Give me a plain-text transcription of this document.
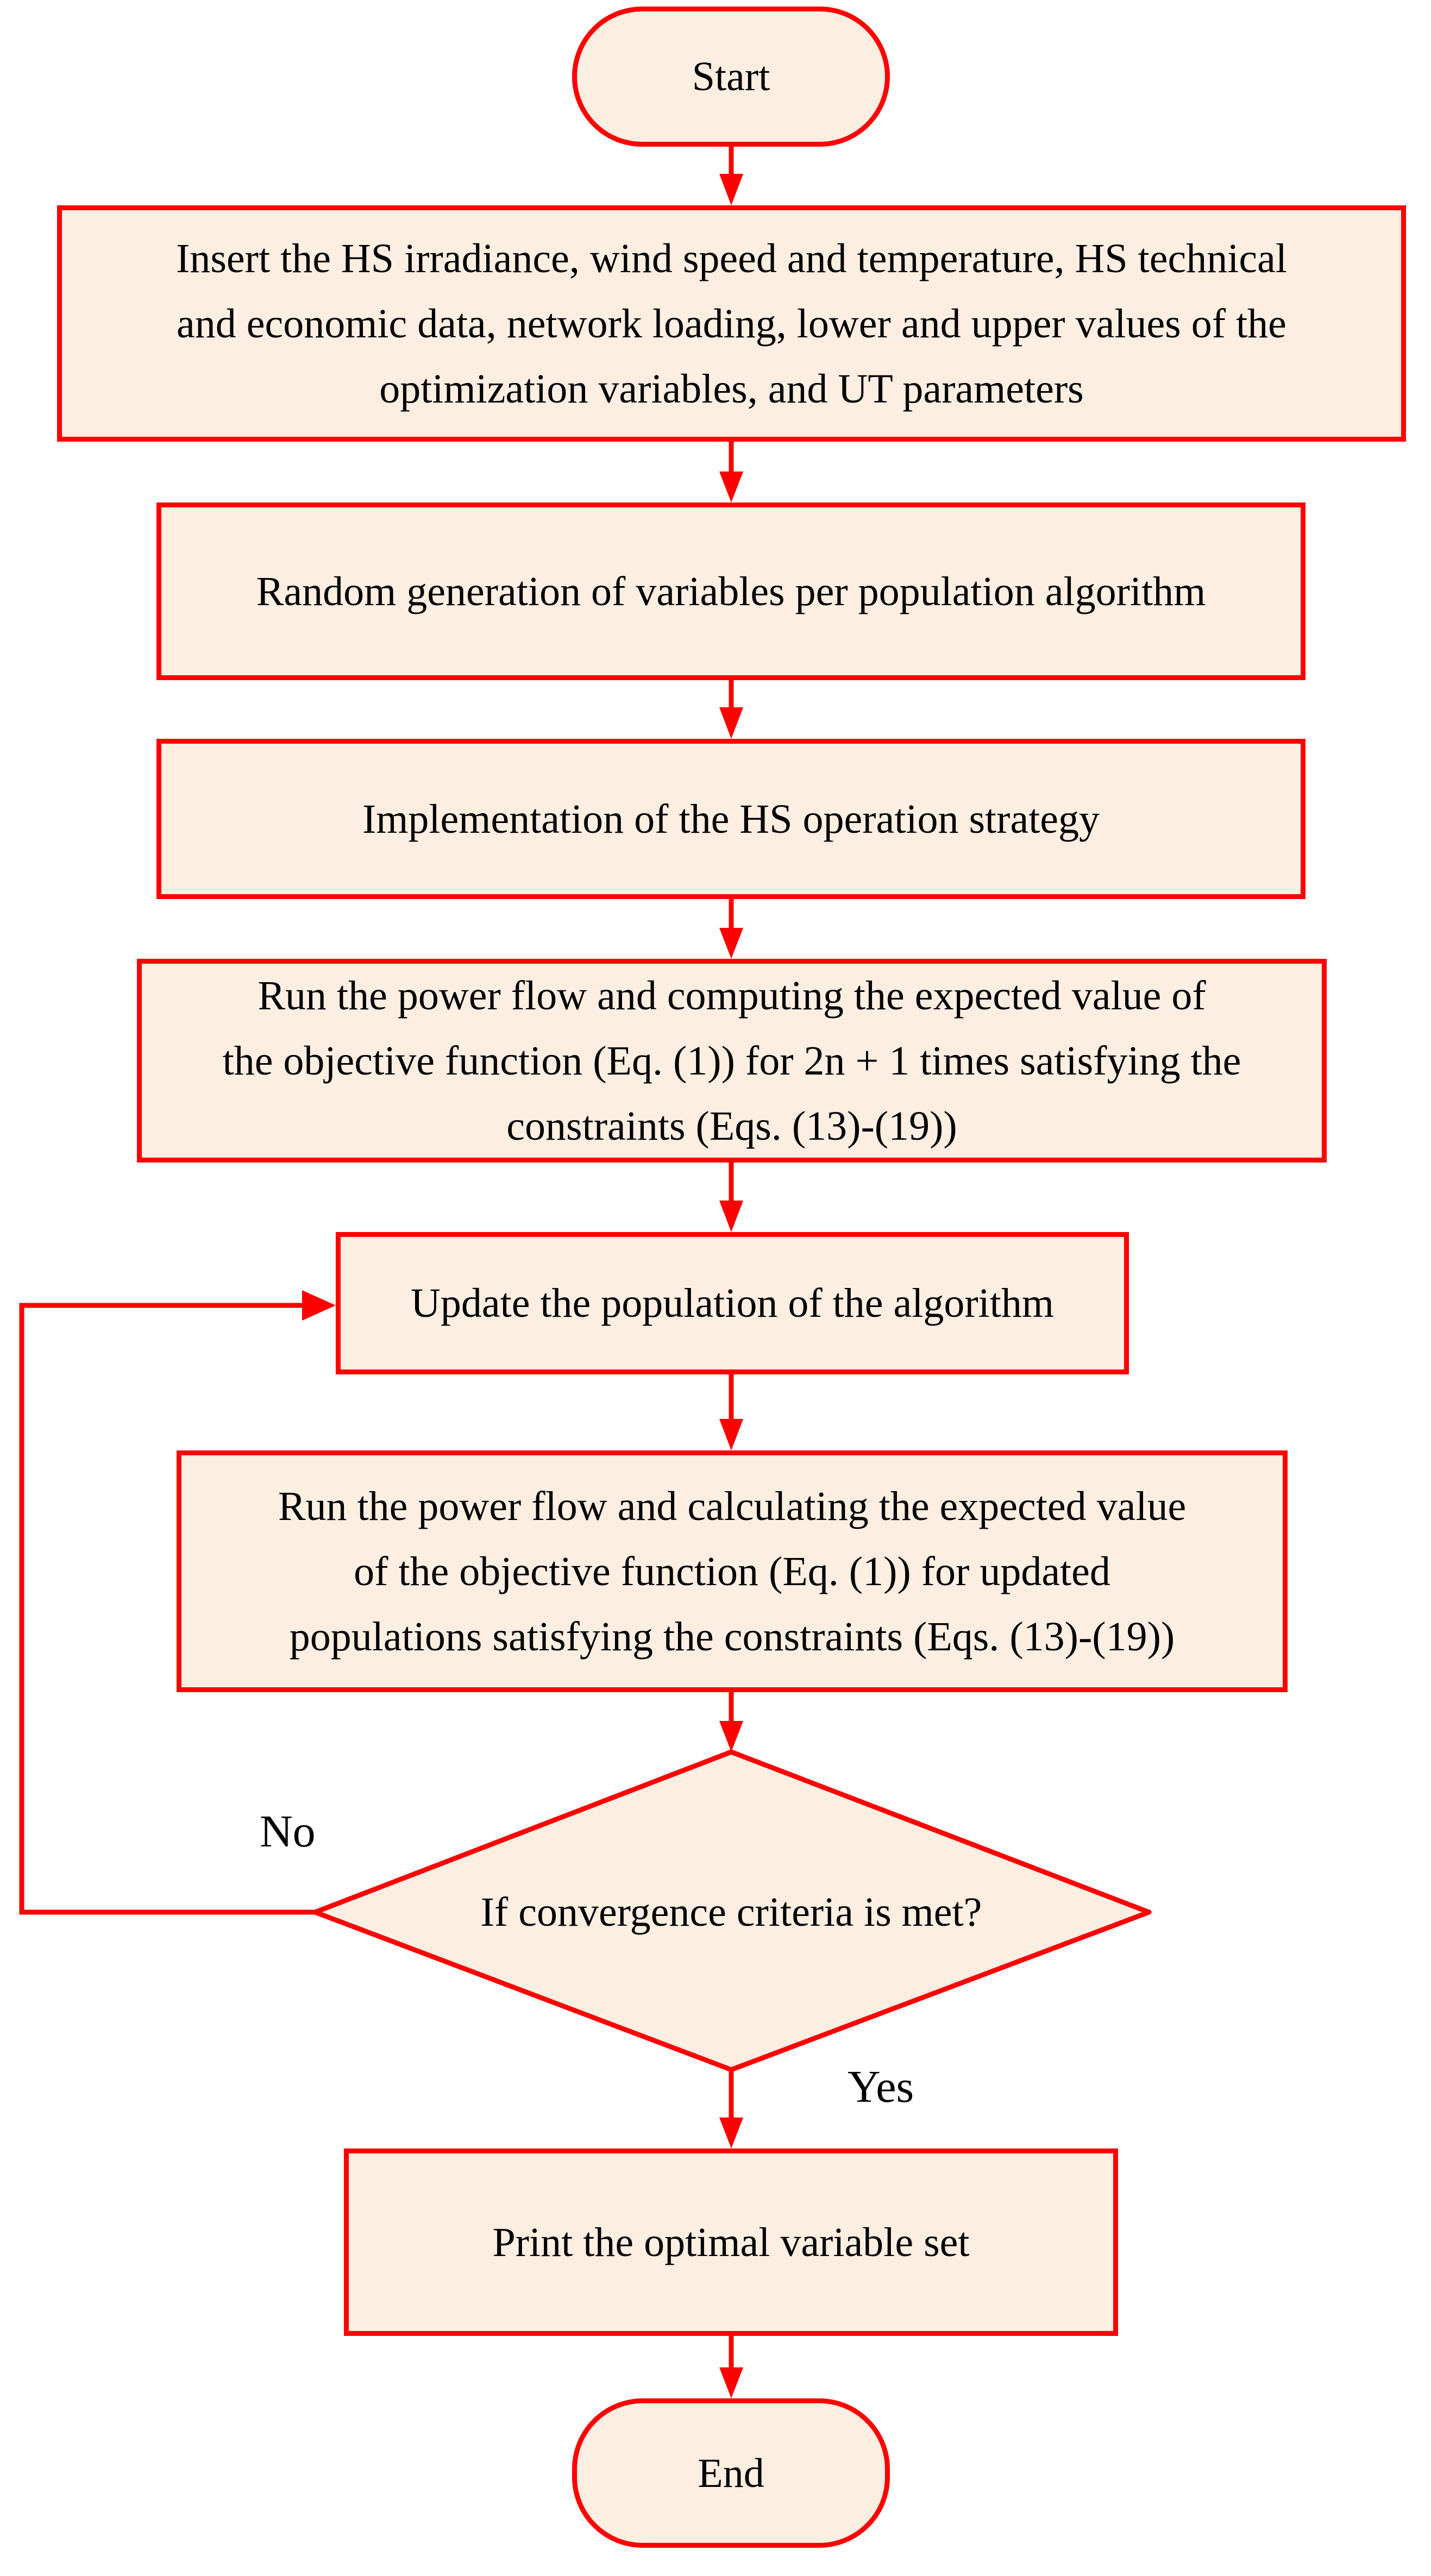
Start
Insert the HS irradiance, wind speed and temperature, HS technical
and economic data, network loading, lower and upper values of the
optimization variables, and UT parameters
Random generation of variables per population algorithm
Implementation of the HS operation strategy
Run the power flow and computing the expected value of
the objective function (Eq. (1)) for 2n + 1 times satisfying the
constraints (Eqs. (13)-(19))
Update the population of the algorithm
Run the power flow and calculating the expected value
of the objective function (Eq. (1)) for updated
populations satisfying the constraints (Eqs. (13)-(19))
If convergence criteria is met?
No
Yes
Print the optimal variable set
End
